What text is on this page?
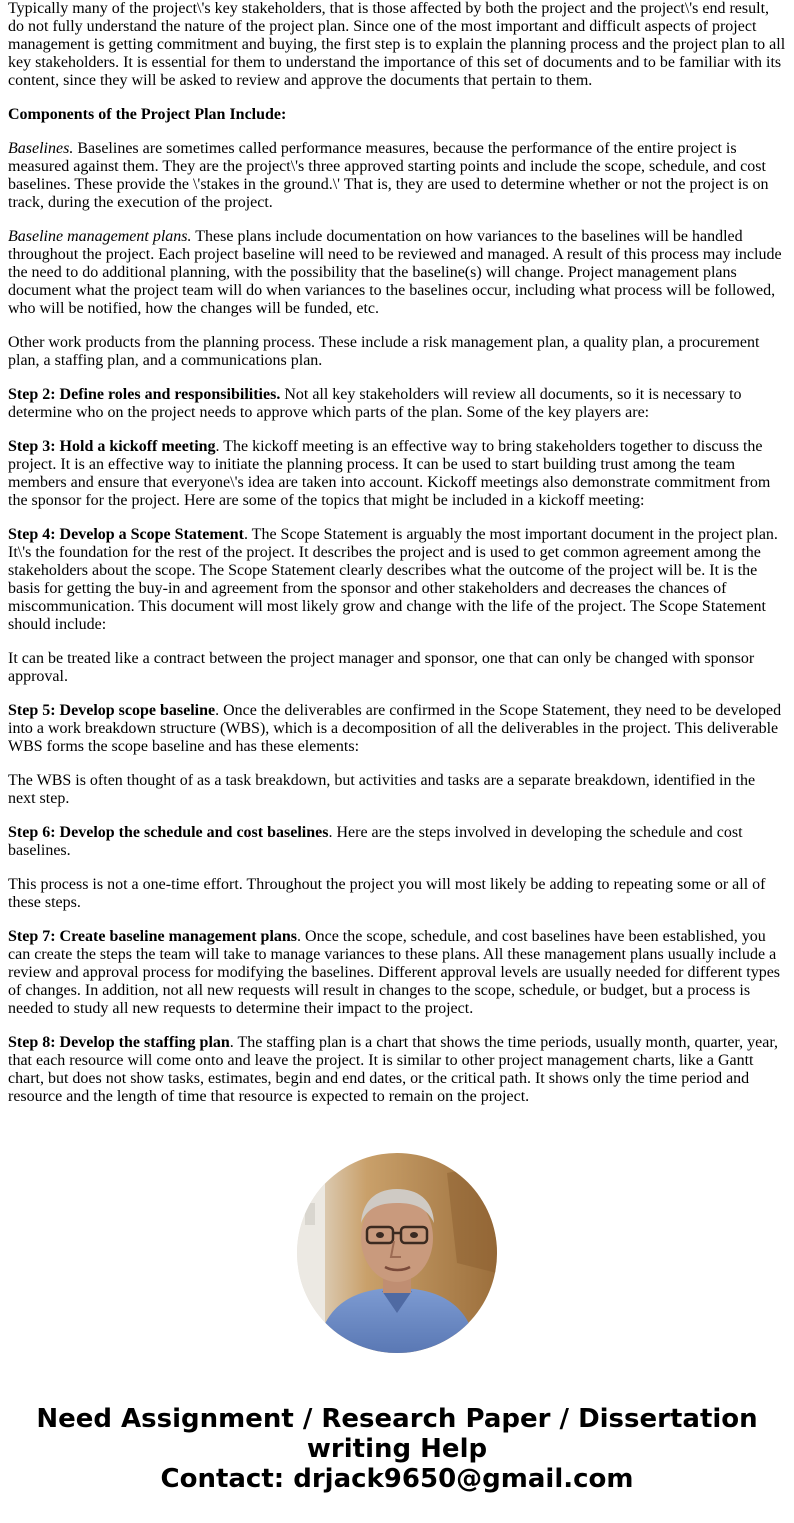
Typically many of the project\'s key stakeholders, that is those affected by both the project and the project\'s end result, do not fully understand the nature of the project plan. Since one of the most important and difficult aspects of project management is getting commitment and buying, the first step is to explain the planning process and the project plan to all key stakeholders. It is essential for them to understand the importance of this set of documents and to be familiar with its content, since they will be asked to review and approve the documents that pertain to them.

Components of the Project Plan Include:

Baselines. Baselines are sometimes called performance measures, because the performance of the entire project is measured against them. They are the project\'s three approved starting points and include the scope, schedule, and cost baselines. These provide the \'stakes in the ground.\' That is, they are used to determine whether or not the project is on track, during the execution of the project.

Baseline management plans. These plans include documentation on how variances to the baselines will be handled throughout the project. Each project baseline will need to be reviewed and managed. A result of this process may include the need to do additional planning, with the possibility that the baseline(s) will change. Project management plans document what the project team will do when variances to the baselines occur, including what process will be followed, who will be notified, how the changes will be funded, etc.

Other work products from the planning process. These include a risk management plan, a quality plan, a procurement plan, a staffing plan, and a communications plan.

Step 2: Define roles and responsibilities. Not all key stakeholders will review all documents, so it is necessary to determine who on the project needs to approve which parts of the plan. Some of the key players are:

Step 3: Hold a kickoff meeting. The kickoff meeting is an effective way to bring stakeholders together to discuss the project. It is an effective way to initiate the planning process. It can be used to start building trust among the team members and ensure that everyone\'s idea are taken into account. Kickoff meetings also demonstrate commitment from the sponsor for the project. Here are some of the topics that might be included in a kickoff meeting:

Step 4: Develop a Scope Statement. The Scope Statement is arguably the most important document in the project plan. It\'s the foundation for the rest of the project. It describes the project and is used to get common agreement among the stakeholders about the scope. The Scope Statement clearly describes what the outcome of the project will be. It is the basis for getting the buy-in and agreement from the sponsor and other stakeholders and decreases the chances of miscommunication. This document will most likely grow and change with the life of the project. The Scope Statement should include:

It can be treated like a contract between the project manager and sponsor, one that can only be changed with sponsor approval.

Step 5: Develop scope baseline. Once the deliverables are confirmed in the Scope Statement, they need to be developed into a work breakdown structure (WBS), which is a decomposition of all the deliverables in the project. This deliverable WBS forms the scope baseline and has these elements:

The WBS is often thought of as a task breakdown, but activities and tasks are a separate breakdown, identified in the next step.

Step 6: Develop the schedule and cost baselines. Here are the steps involved in developing the schedule and cost baselines.

This process is not a one-time effort. Throughout the project you will most likely be adding to repeating some or all of these steps.

Step 7: Create baseline management plans. Once the scope, schedule, and cost baselines have been established, you can create the steps the team will take to manage variances to these plans. All these management plans usually include a review and approval process for modifying the baselines. Different approval levels are usually needed for different types of changes. In addition, not all new requests will result in changes to the scope, schedule, or budget, but a process is needed to study all new requests to determine their impact to the project.

Step 8: Develop the staffing plan. The staffing plan is a chart that shows the time periods, usually month, quarter, year, that each resource will come onto and leave the project. It is similar to other project management charts, like a Gantt chart, but does not show tasks, estimates, begin and end dates, or the critical path. It shows only the time period and resource and the length of time that resource is expected to remain on the project.

Need Assignment / Research Paper / Dissertation
writing Help
Contact: drjack9650@gmail.com
